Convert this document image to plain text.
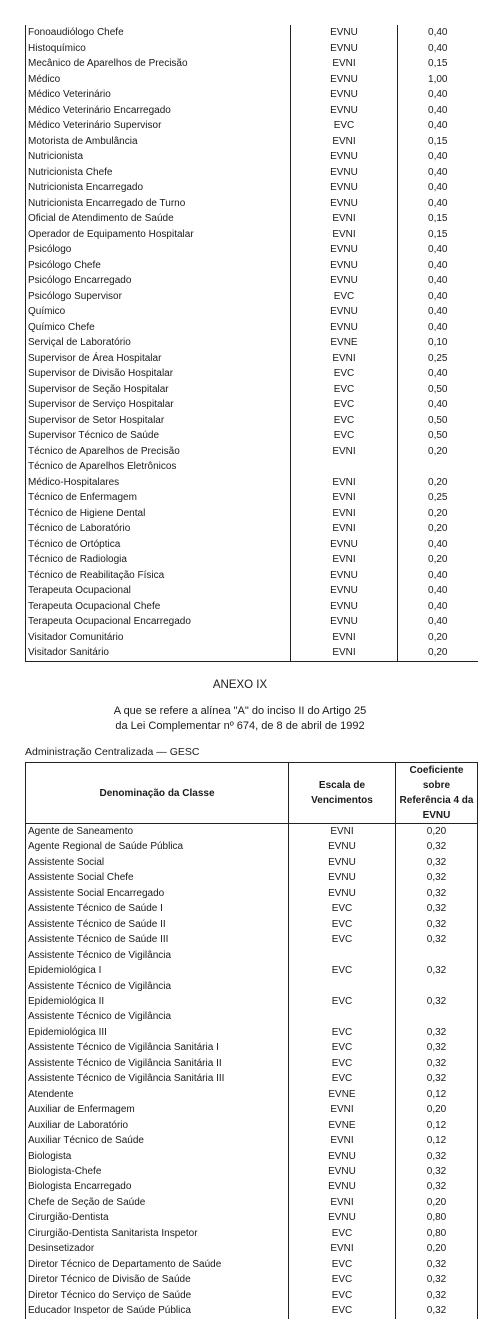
Fonoaudiólogo Chefe	EVNU	0,40
Histoquímico	EVNU	0,40
Mecânico de Aparelhos de Precisão	EVNI	0,15
Médico	EVNU	1,00
Médico Veterinário	EVNU	0,40
Médico Veterinário Encarregado	EVNU	0,40
Médico Veterinário Supervisor	EVC	0,40
Motorista de Ambulância	EVNI	0,15
Nutricionista	EVNU	0,40
Nutricionista Chefe	EVNU	0,40
Nutricionista Encarregado	EVNU	0,40
Nutricionista Encarregado de Turno	EVNU	0,40
Oficial de Atendimento de Saúde	EVNI	0,15
Operador de Equipamento Hospitalar	EVNI	0,15
Psicólogo	EVNU	0,40
Psicólogo Chefe	EVNU	0,40
Psicólogo Encarregado	EVNU	0,40
Psicólogo Supervisor	EVC	0,40
Químico	EVNU	0,40
Químico Chefe	EVNU	0,40
Serviçal de Laboratório	EVNE	0,10
Supervisor de Área Hospitalar	EVNI	0,25
Supervisor de Divisão Hospitalar	EVC	0,40
Supervisor de Seção Hospitalar	EVC	0,50
Supervisor de Serviço Hospitalar	EVC	0,40
Supervisor de Setor Hospitalar	EVC	0,50
Supervisor Técnico de Saúde	EVC	0,50
Técnico de Aparelhos de Precisão	EVNI	0,20
Técnico de Aparelhos Eletrônicos		
Médico-Hospitalares	EVNI	0,20
Técnico de Enfermagem	EVNI	0,25
Técnico de Higiene Dental	EVNI	0,20
Técnico de Laboratório	EVNI	0,20
Técnico de Ortóptica	EVNU	0,40
Técnico de Radiologia	EVNI	0,20
Técnico de Reabilitação Física	EVNU	0,40
Terapeuta Ocupacional	EVNU	0,40
Terapeuta Ocupacional Chefe	EVNU	0,40
Terapeuta Ocupacional Encarregado	EVNU	0,40
Visitador Comunitário	EVNI	0,20
Visitador Sanitário	EVNI	0,20
ANEXO IX
A que se refere a alínea "A" do inciso II do Artigo 25
da Lei Complementar nº 674, de 8 de abril de 1992
Administração Centralizada — GESC
Denominação da Classe	Escala de Vencimentos	Coeficiente sobre Referência 4 da EVNU
Agente de Saneamento	EVNI	0,20
Agente Regional de Saúde Pública	EVNU	0,32
Assistente Social	EVNU	0,32
Assistente Social Chefe	EVNU	0,32
Assistente Social Encarregado	EVNU	0,32
Assistente Técnico de Saúde I	EVC	0,32
Assistente Técnico de Saúde II	EVC	0,32
Assistente Técnico de Saúde III	EVC	0,32
Assistente Técnico de Vigilância		
Epidemiológica I	EVC	0,32
Assistente Técnico de Vigilância		
Epidemiológica II	EVC	0,32
Assistente Técnico de Vigilância		
Epidemiológica III	EVC	0,32
Assistente Técnico de Vigilância Sanitária I	EVC	0,32
Assistente Técnico de Vigilância Sanitária II	EVC	0,32
Assistente Técnico de Vigilância Sanitária III	EVC	0,32
Atendente	EVNE	0,12
Auxiliar de Enfermagem	EVNI	0,20
Auxiliar de Laboratório	EVNE	0,12
Auxiliar Técnico de Saúde	EVNI	0,12
Biologista	EVNU	0,32
Biologista-Chefe	EVNU	0,32
Biologista Encarregado	EVNU	0,32
Chefe de Seção de Saúde	EVNI	0,20
Cirurgião-Dentista	EVNU	0,80
Cirurgião-Dentista Sanitarista Inspetor	EVC	0,80
Desinsetizador	EVNI	0,20
Diretor Técnico de Departamento de Saúde	EVC	0,32
Diretor Técnico de Divisão de Saúde	EVC	0,32
Diretor Técnico do Serviço de Saúde	EVC	0,32
Educador Inspetor de Saúde Pública	EVC	0,32
